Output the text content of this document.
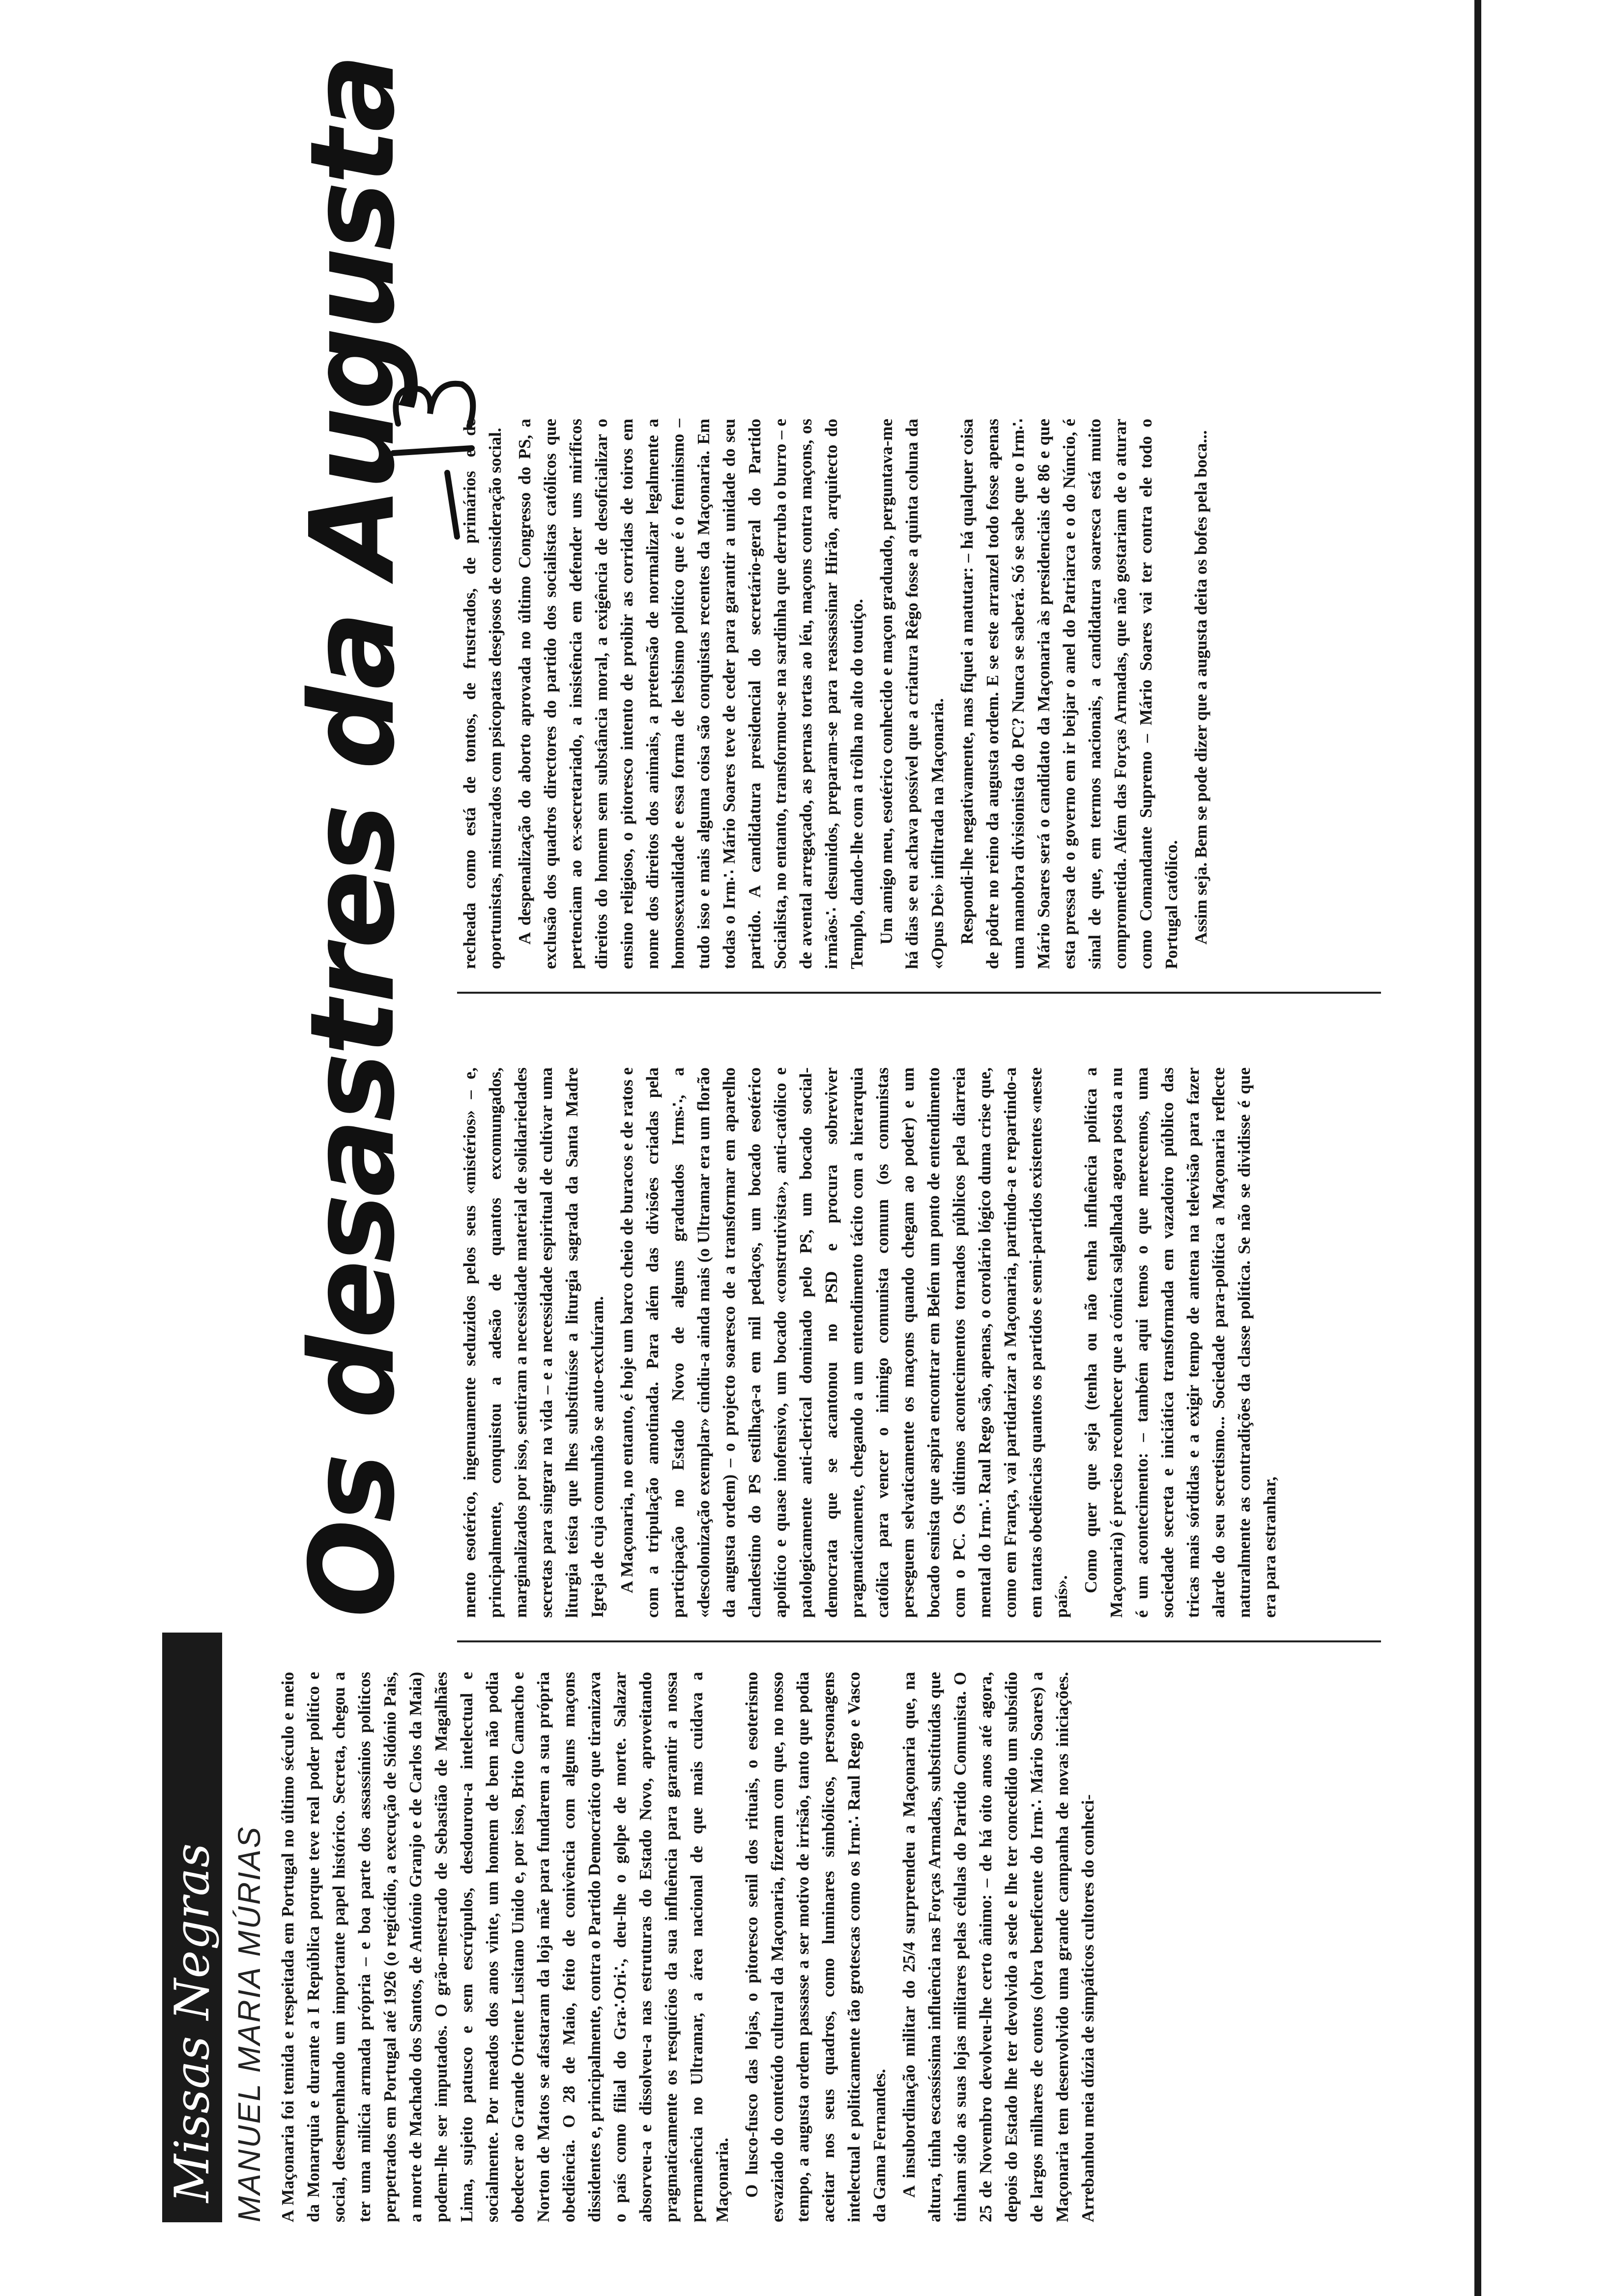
Missas Negras MANUEL MARIA MÚRIAS
Os desastres da Augusta

A Maçonaria foi temida e respeitada em Portugal no último século e meio da Monarquia e durante a I República porque teve real poder político e social, desempenhando um importante papel histórico. Secreta, chegou a ter uma milícia armada própria – e boa parte dos assassínios políticos perpetrados em Portugal até 1926 (o regicídio, a execução de Sidónio Pais, a morte de Machado dos Santos, de António Granjo e de Carlos da Maia) podem-lhe ser imputados. O grão-mestrado de Sebastião de Magalhães Lima, sujeito patusco e sem escrúpulos, desdourou-a intelectual e socialmente. Por meados dos anos vinte, um homem de bem não podia obedecer ao Grande Oriente Lusitano Unido e, por isso, Brito Camacho e Norton de Matos se afastaram da loja mãe para fundarem a sua própria obediência. O 28 de Maio, feito de conivência com alguns maçons dissidentes e, principalmente, contra o Partido Democrático que tiranizava o país como filial do Gra∴Ori∴, deu-lhe o golpe de morte. Salazar absorveu-a e dissolveu-a nas estruturas do Estado Novo, aproveitando pragmaticamente os resquícios da sua influência para garantir a nossa permanência no Ultramar, a área nacional de que mais cuidava a Maçonaria. O lusco-fusco das lojas, o pitoresco senil dos rituais, o esoterismo esvaziado do conteúdo cultural da Maçonaria, fizeram com que, no nosso tempo, a augusta ordem passasse a ser motivo de irrisão, tanto que podia aceitar nos seus quadros, como luminares simbólicos, personagens intelectual e politicamente tão grotescas como os Irm∴ Raul Rego e Vasco da Gama Fernandes. A insubordinação militar do 25/4 surpreendeu a Maçonaria que, na altura, tinha escassíssima influência nas Forças Armadas, substituídas que tinham sido as suas lojas militares pelas células do Partido Comunista. O 25 de Novembro devolveu-lhe certo ânimo: – de há oito anos até agora, depois do Estado lhe ter devolvido a sede e lhe ter concedido um subsídio de largos milhares de contos (obra beneficente do Irm∴ Mário Soares) a Maçonaria tem desenvolvido uma grande campanha de novas iniciações. Arrebanhou meia dúzia de simpáticos cultores do conheci-

mento esotérico, ingenuamente seduzidos pelos seus «mistérios» – e, principalmente, conquistou a adesão de quantos excomungados, marginalizados por isso, sentiram a necessidade material de solidariedades secretas para singrar na vida – e a necessidade espiritual de cultivar uma liturgia teísta que lhes substituísse a liturgia sagrada da Santa Madre Igreja de cuja comunhão se auto-excluíram. A Maçonaria, no entanto, é hoje um barco cheio de buracos e de ratos e com a tripulação amotinada. Para além das divisões criadas pela participação no Estado Novo de alguns graduados Irms∴, a «descolonização exemplar» cindiu-a ainda mais (o Ultramar era um florão da augusta ordem) – o projecto soaresco de a transformar em aparelho clandestino do PS estilhaça-a em mil pedaços, um bocado esotérico apolítico e quase inofensivo, um bocado «construtivista», anti-católico e patologicamente anti-clerical dominado pelo PS, um bocado social-democrata que se acantonou no PSD e procura sobreviver pragmaticamente, chegando a um entendimento tácito com a hierarquia católica para vencer o inimigo comunista comum (os comunistas perseguem selvaticamente os maçons quando chegam ao poder) e um bocado esnista que aspira encontrar em Belém um ponto de entendimento com o PC. Os últimos acontecimentos tornados públicos pela diarreia mental do Irm∴ Raul Rego são, apenas, o corolário lógico duma crise que, como em França, vai partidarizar a Maçonaria, partindo-a e repartindo-a em tantas obediências quantos os partidos e semi-partidos existentes «neste país».

Como quer que seja (tenha ou não tenha influência política a Maçonaria) é preciso reconhecer que a cómica salgalhada agora posta a nu é um acontecimento: – também aqui temos o que merecemos, uma sociedade secreta e iniciática transformada em vazadoiro público das tricas mais sórdidas e a exigir tempo de antena na televisão para fazer alarde do seu secretismo... Sociedade para-política a Maçonaria reflecte naturalmente as contradições da classe política. Se não se dividisse é que era para estranhar,

recheada como está de tontos, de frustrados, de primários e de oportunistas, misturados com psicopatas desejosos de consideração social. A despenalização do aborto aprovada no último Congresso do PS, a exclusão dos quadros directores do partido dos socialistas católicos que pertenciam ao ex-secretariado, a insistência em defender uns miríficos direitos do homem sem substância moral, a exigência de desoficializar o ensino religioso, o pitoresco intento de proibir as corridas de toiros em nome dos direitos dos animais, a pretensão de normalizar legalmente a homossexualidade e essa forma de lesbismo político que é o feminismo – tudo isso e mais alguma coisa são conquistas recentes da Maçonaria. Em todas o Irm∴ Mário Soares teve de ceder para garantir a unidade do seu partido. A candidatura presidencial do secretário-geral do Partido Socialista, no entanto, transformou-se na sardinha que derruba o burro – e de avental arregaçado, as pernas tortas ao léu, maçons contra maçons, os irmãos∴ desunidos, preparam-se para reassassinar Hirão, arquitecto do Templo, dando-lhe com a trôlha no alto do toutiço. Um amigo meu, esotérico conhecido e maçon graduado, perguntava-me há dias se eu achava possível que a criatura Rêgo fosse a quinta coluna da «Opus Dei» infiltrada na Maçonaria. Respondi-lhe negativamente, mas fiquei a matutar: – há qualquer coisa de pôdre no reino da augusta ordem. E se este arranzel todo fosse apenas uma manobra divisionista do PC? Nunca se saberá. Só se sabe que o Irm∴ Mário Soares será o candidato da Maçonaria às presidenciais de 86 e que esta pressa de o governo em ir beijar o anel do Patriarca e o do Núncio, é sinal de que, em termos nacionais, a candidatura soaresca está muito comprometida. Além das Forças Armadas, que não gostariam de o aturar como Comandante Supremo – Mário Soares vai ter contra ele todo o Portugal católico. Assim seja. Bem se pode dizer que a augusta deita os bofes pela boca...
